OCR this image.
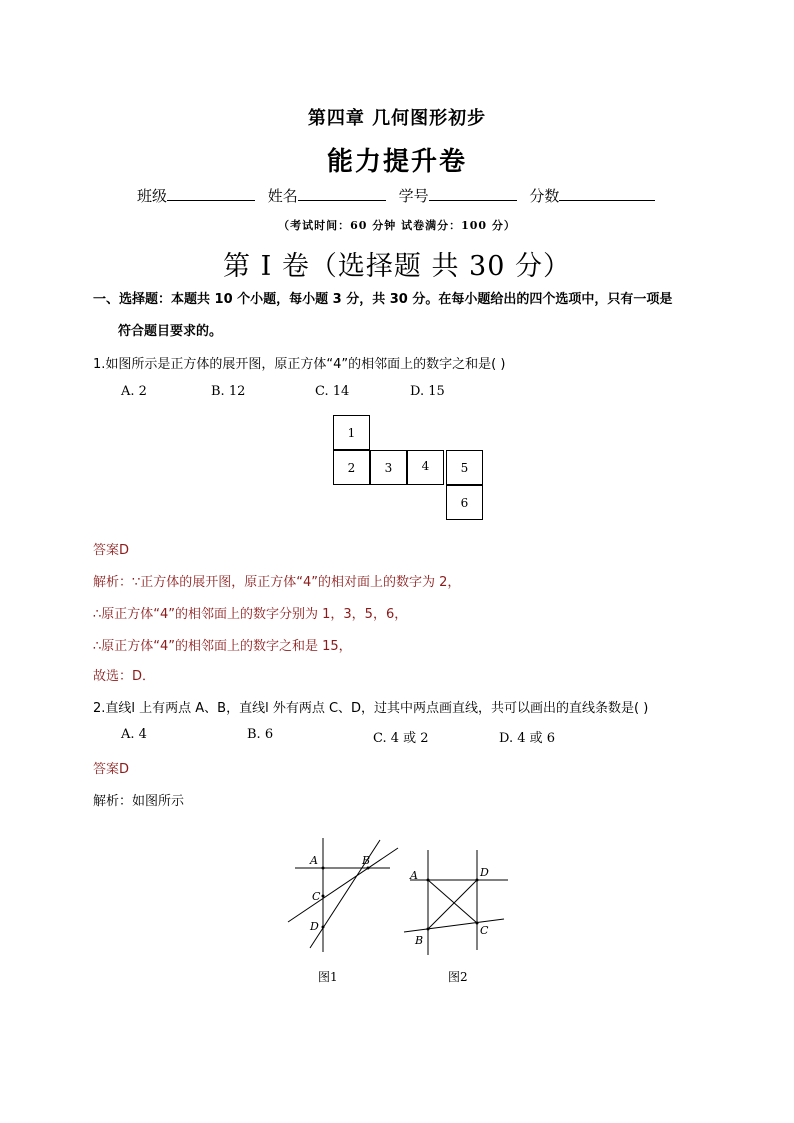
第四章 几何图形初步
能力提升卷
班级	姓名	学号	分数
（考试时间：60 分钟 试卷满分：100 分）
第 I 卷（选择题 共 30 分）
一、选择题：本题共 10 个小题，每小题 3 分，共 30 分。在每小题给出的四个选项中，只有一项是
符合题目要求的。
1.如图所示是正方体的展开图，原正方体“4”的相邻面上的数字之和是( )
A. 2	B. 12	C. 14	D. 15
1
2	3	4	5
6
答案D
解析：∵正方体的展开图，原正方体“4”的相对面上的数字为 2，
∴原正方体“4”的相邻面上的数字分别为 1，3，5，6，
∴原正方体“4”的相邻面上的数字之和是 15，
故选：D．
2.直线l 上有两点 A、B，直线l 外有两点 C、D，过其中两点画直线，共可以画出的直线条数是( )
A. 4	B. 6	C. 4 或 2	D. 4 或 6
答案D
解析：如图所示
A	B
C
D
图1
A	D
B
C
图2
